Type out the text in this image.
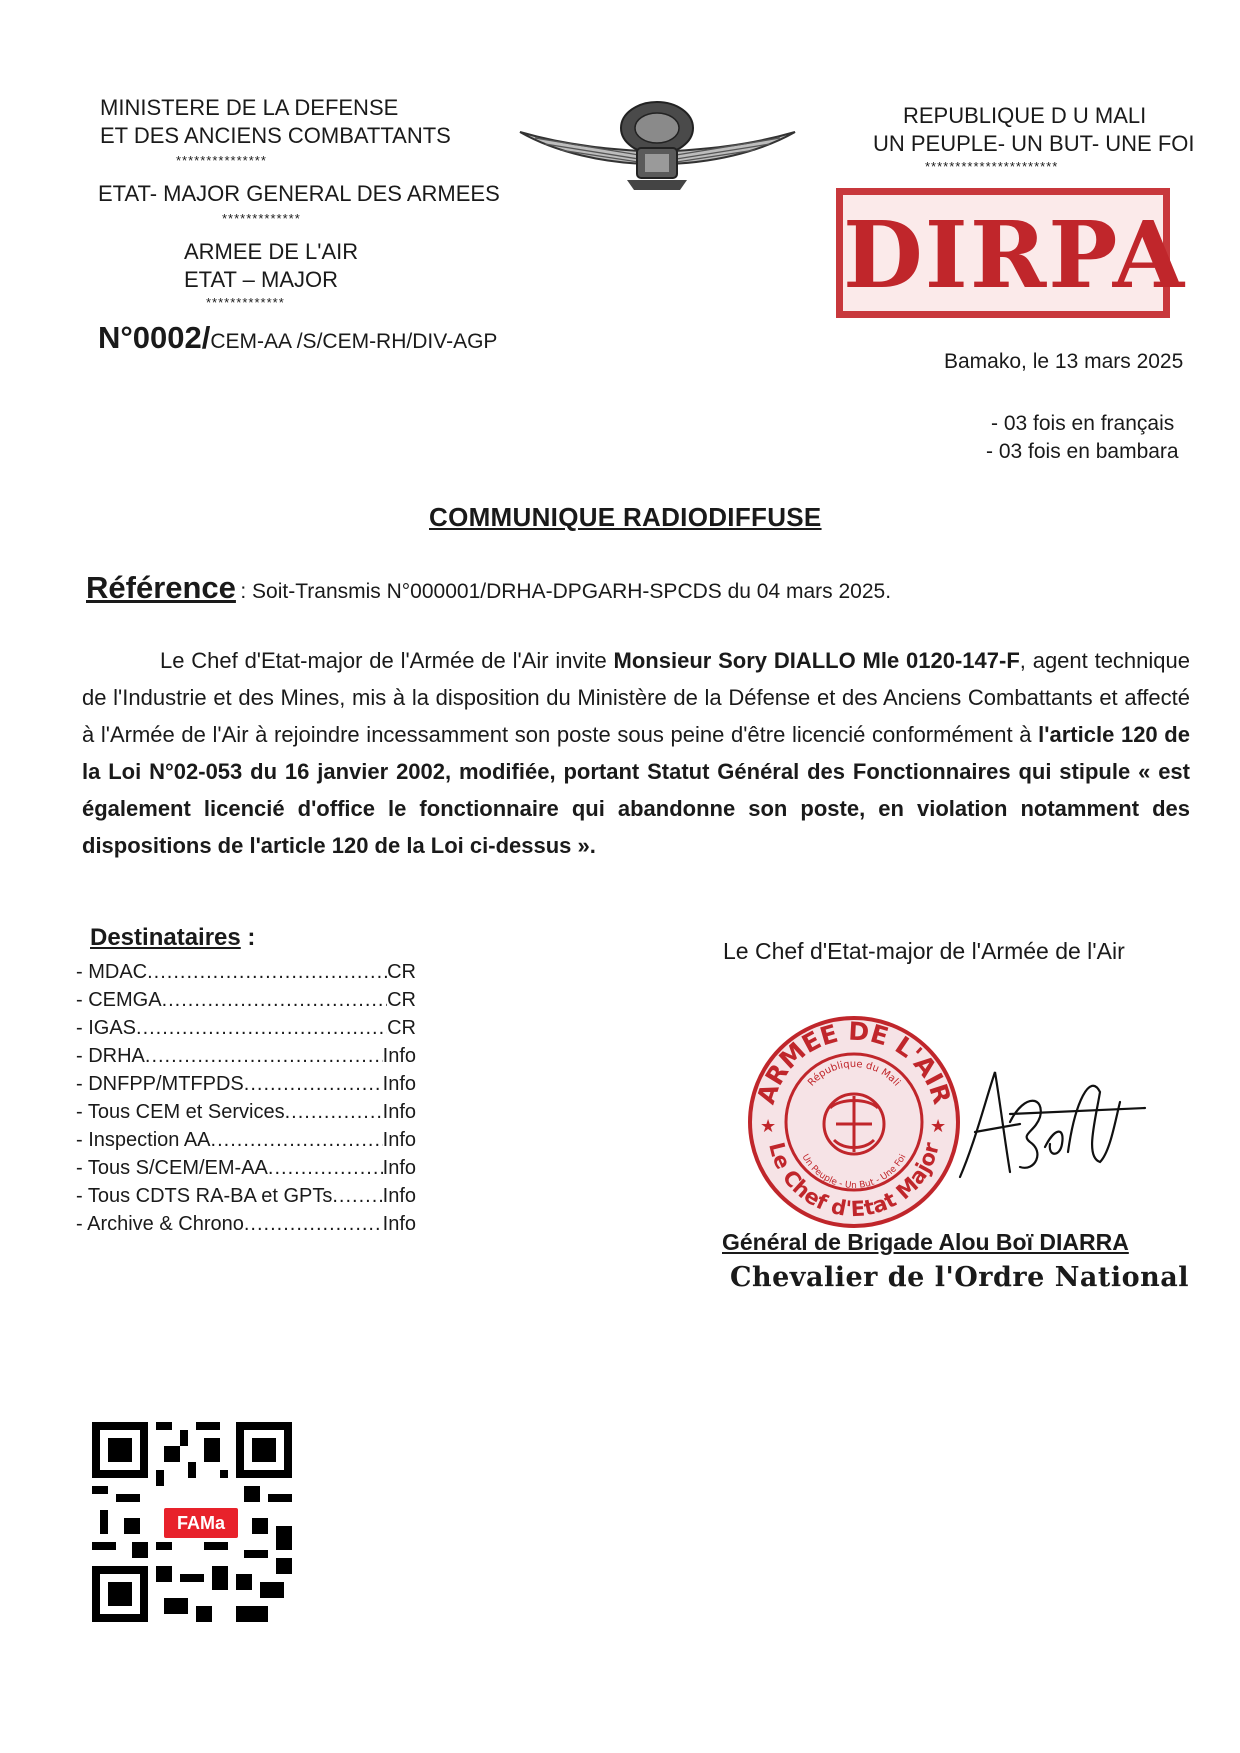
MINISTERE DE LA DEFENSE
ET DES ANCIENS COMBATTANTS
***************
ETAT- MAJOR GENERAL DES ARMEES
*************
ARMEE DE L'AIR
ETAT – MAJOR
*************
N°0002/CEM-AA /S/CEM-RH/DIV-AGP
REPUBLIQUE D U MALI
UN PEUPLE- UN BUT- UNE FOI
**********************
DIRPA
Bamako, le 13 mars 2025
- 03 fois en français
- 03 fois en bambara
COMMUNIQUE RADIODIFFUSE
Référence : Soit-Transmis N°000001/DRHA-DPGARH-SPCDS du 04 mars 2025.
Le Chef d'Etat-major de l'Armée de l'Air invite Monsieur Sory DIALLO Mle 0120-147-F, agent technique de l'Industrie et des Mines, mis à la disposition du Ministère de la Défense et des Anciens Combattants et affecté à l'Armée de l'Air à rejoindre incessamment son poste sous peine d'être licencié conformément à l'article 120 de la Loi N°02-053 du 16 janvier 2002, modifiée, portant Statut Général des Fonctionnaires qui stipule « est également licencié d'office le fonctionnaire qui abandonne son poste, en violation notamment des dispositions de l'article 120 de la Loi ci-dessus ».
Destinataires :
- MDAC .....	CR
- CEMGA .....	CR
- IGAS .....	CR
- DRHA .....	Info
- DNFPP/MTFPDS .....	Info
- Tous CEM et Services .....	Info
- Inspection AA .....	Info
- Tous S/CEM/EM-AA .....	Info
- Tous CDTS RA-BA et GPTs .....	Info
- Archive & Chrono .....	Info
Le Chef d'Etat-major de l'Armée de l'Air
ARMÉE DE L'AIR
Le Chef d'Etat Major
République du Mali
Un Peuple - Un But - Une Foi
★	★
Général de Brigade Alou Boï DIARRA
Chevalier de l'Ordre National
FAMa
